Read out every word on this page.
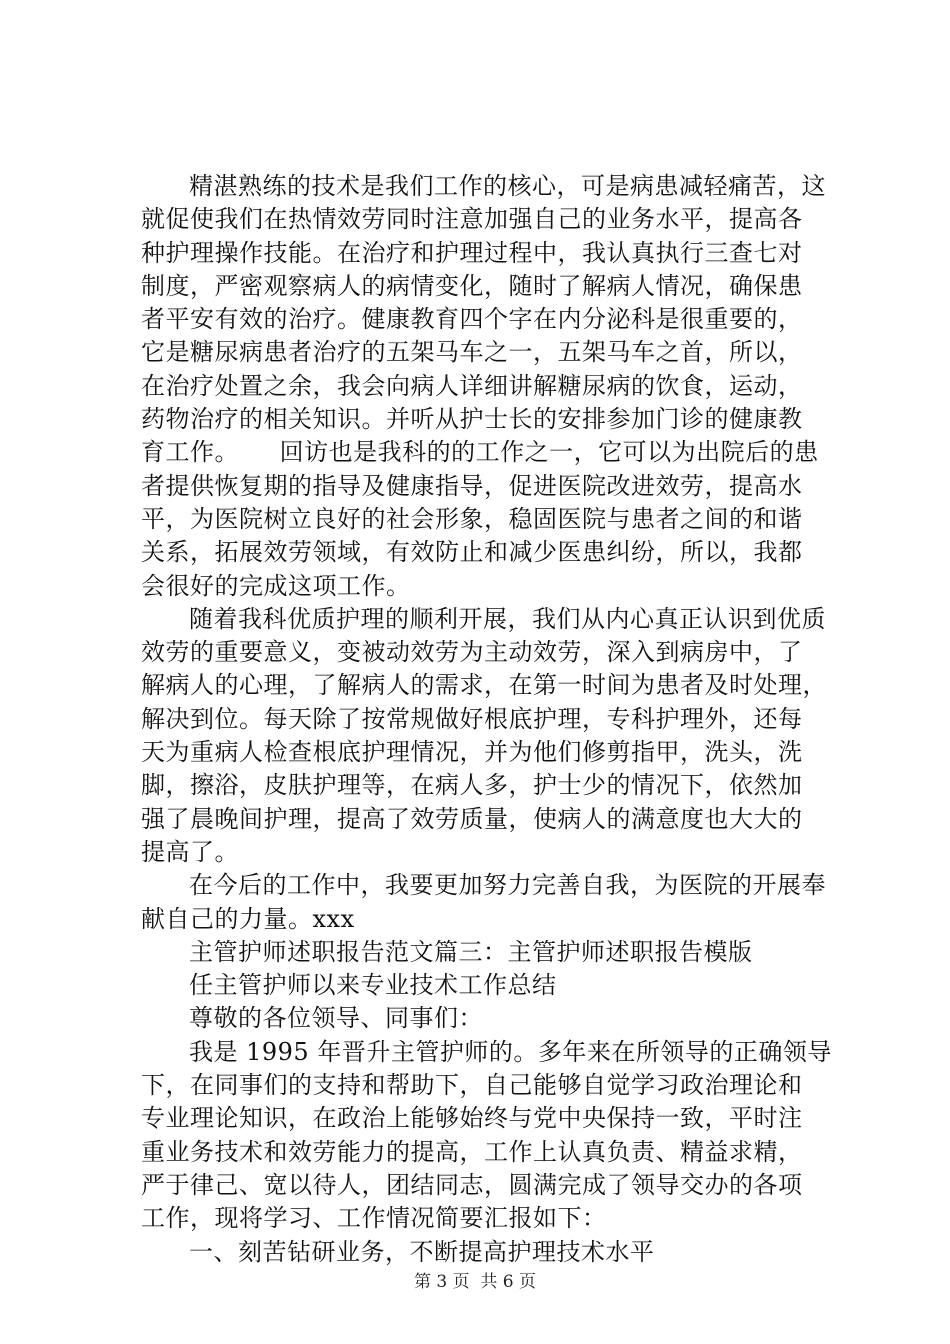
精湛熟练的技术是我们工作的核心，可是病患减轻痛苦，这
就促使我们在热情效劳同时注意加强自己的业务水平，提高各
种护理操作技能。在治疗和护理过程中，我认真执行三查七对
制度，严密观察病人的病情变化，随时了解病人情况，确保患
者平安有效的治疗。健康教育四个字在内分泌科是很重要的，
它是糖尿病患者治疗的五架马车之一，五架马车之首，所以，
在治疗处置之余，我会向病人详细讲解糖尿病的饮食，运动，
药物治疗的相关知识。并听从护士长的安排参加门诊的健康教
育工作。     回访也是我科的的工作之一，它可以为出院后的患
者提供恢复期的指导及健康指导，促进医院改进效劳，提高水
平，为医院树立良好的社会形象，稳固医院与患者之间的和谐
关系，拓展效劳领域，有效防止和减少医患纠纷，所以，我都
会很好的完成这项工作。
随着我科优质护理的顺利开展，我们从内心真正认识到优质
效劳的重要意义，变被动效劳为主动效劳，深入到病房中，了
解病人的心理，了解病人的需求，在第一时间为患者及时处理，
解决到位。每天除了按常规做好根底护理，专科护理外，还每
天为重病人检查根底护理情况，并为他们修剪指甲，洗头，洗
脚，擦浴，皮肤护理等，在病人多，护士少的情况下，依然加
强了晨晚间护理，提高了效劳质量，使病人的满意度也大大的
提高了。
在今后的工作中，我要更加努力完善自我，为医院的开展奉
献自己的力量。xxx
主管护师述职报告范文篇三：主管护师述职报告模版
任主管护师以来专业技术工作总结
尊敬的各位领导、同事们：
我是 1995 年晋升主管护师的。多年来在所领导的正确领导
下，在同事们的支持和帮助下，自己能够自觉学习政治理论和
专业理论知识，在政治上能够始终与党中央保持一致，平时注
重业务技术和效劳能力的提高，工作上认真负责、精益求精，
严于律己、宽以待人，团结同志，圆满完成了领导交办的各项
工作，现将学习、工作情况简要汇报如下：
一、刻苦钻研业务，不断提高护理技术水平
第 3 页  共 6 页
